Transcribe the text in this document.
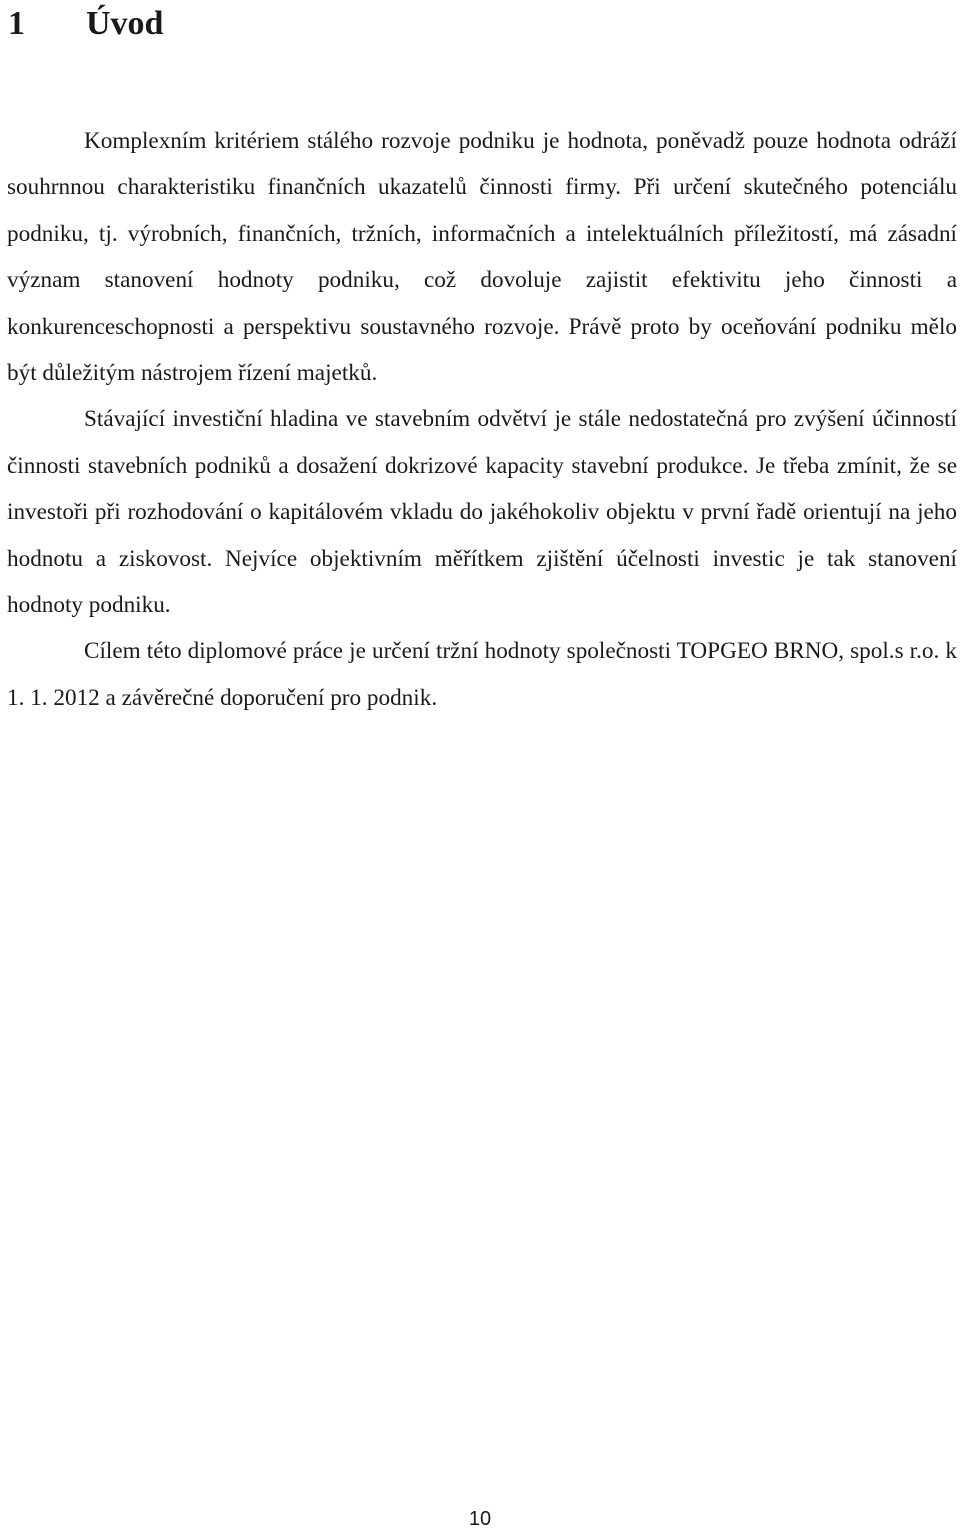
1 Úvod

Komplexním kritériem stálého rozvoje podniku je hodnota, poněvadž pouze hodnota odráží souhrnnou charakteristiku finančních ukazatelů činnosti firmy. Při určení skutečného potenciálu podniku, tj. výrobních, finančních, tržních, informačních a intelektuálních příležitostí, má zásadní význam stanovení hodnoty podniku, což dovoluje zajistit efektivitu jeho činnosti a konkurenceschopnosti a perspektivu soustavného rozvoje. Právě proto by oceňování podniku mělo být důležitým nástrojem řízení majetků.

Stávající investiční hladina ve stavebním odvětví je stále nedostatečná pro zvýšení účinností činnosti stavebních podniků a dosažení dokrizové kapacity stavební produkce. Je třeba zmínit, že se investoři při rozhodování o kapitálovém vkladu do jakéhokoliv objektu v první řadě orientují na jeho hodnotu a ziskovost. Nejvíce objektivním měřítkem zjištění účelnosti investic je tak stanovení hodnoty podniku.

Cílem této diplomové práce je určení tržní hodnoty společnosti TOPGEO BRNO, spol.s r.o. k 1. 1. 2012 a závěrečné doporučení pro podnik.

10
